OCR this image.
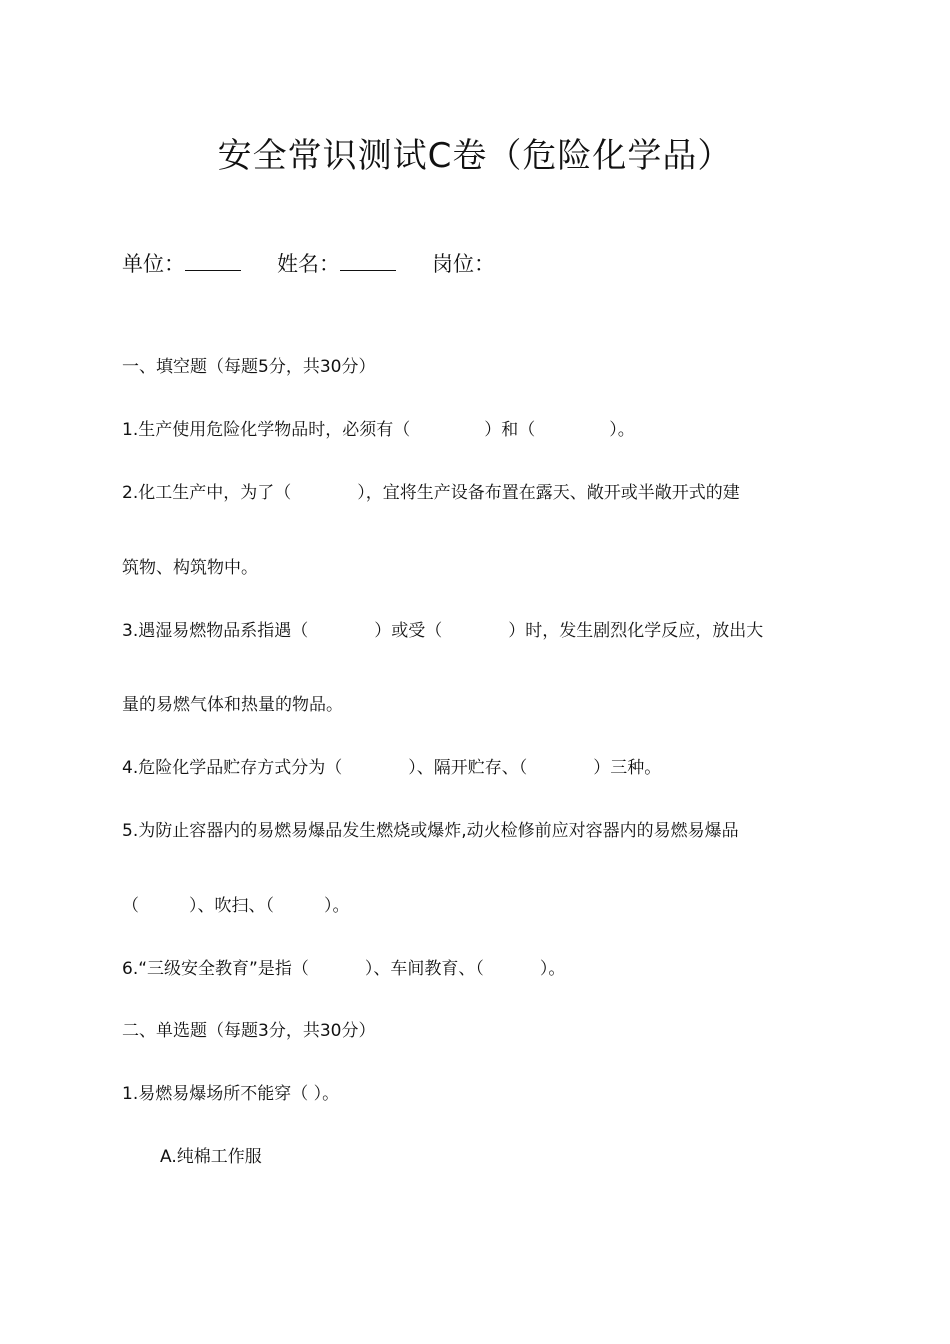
安全常识测试C卷（危险化学品）
单位：	姓名：	岗位：
一、填空题（每题5分，共30分）
1.生产使用危险化学物品时，必须有（	）和（	）。
2.化工生产中，为了（	），宜将生产设备布置在露天、敞开或半敞开式的建
筑物、构筑物中。
3.遇湿易燃物品系指遇（	）或受（	）时，发生剧烈化学反应，放出大
量的易燃气体和热量的物品。
4.危险化学品贮存方式分为（	）、隔开贮存、（	）三种。
5.为防止容器内的易燃易爆品发生燃烧或爆炸,动火检修前应对容器内的易燃易爆品
（	）、吹扫、（	）。
6.“三级安全教育”是指（	）、车间教育、（	）。
二、单选题（每题3分，共30分）
1.易燃易爆场所不能穿（ ）。
A.纯棉工作服
